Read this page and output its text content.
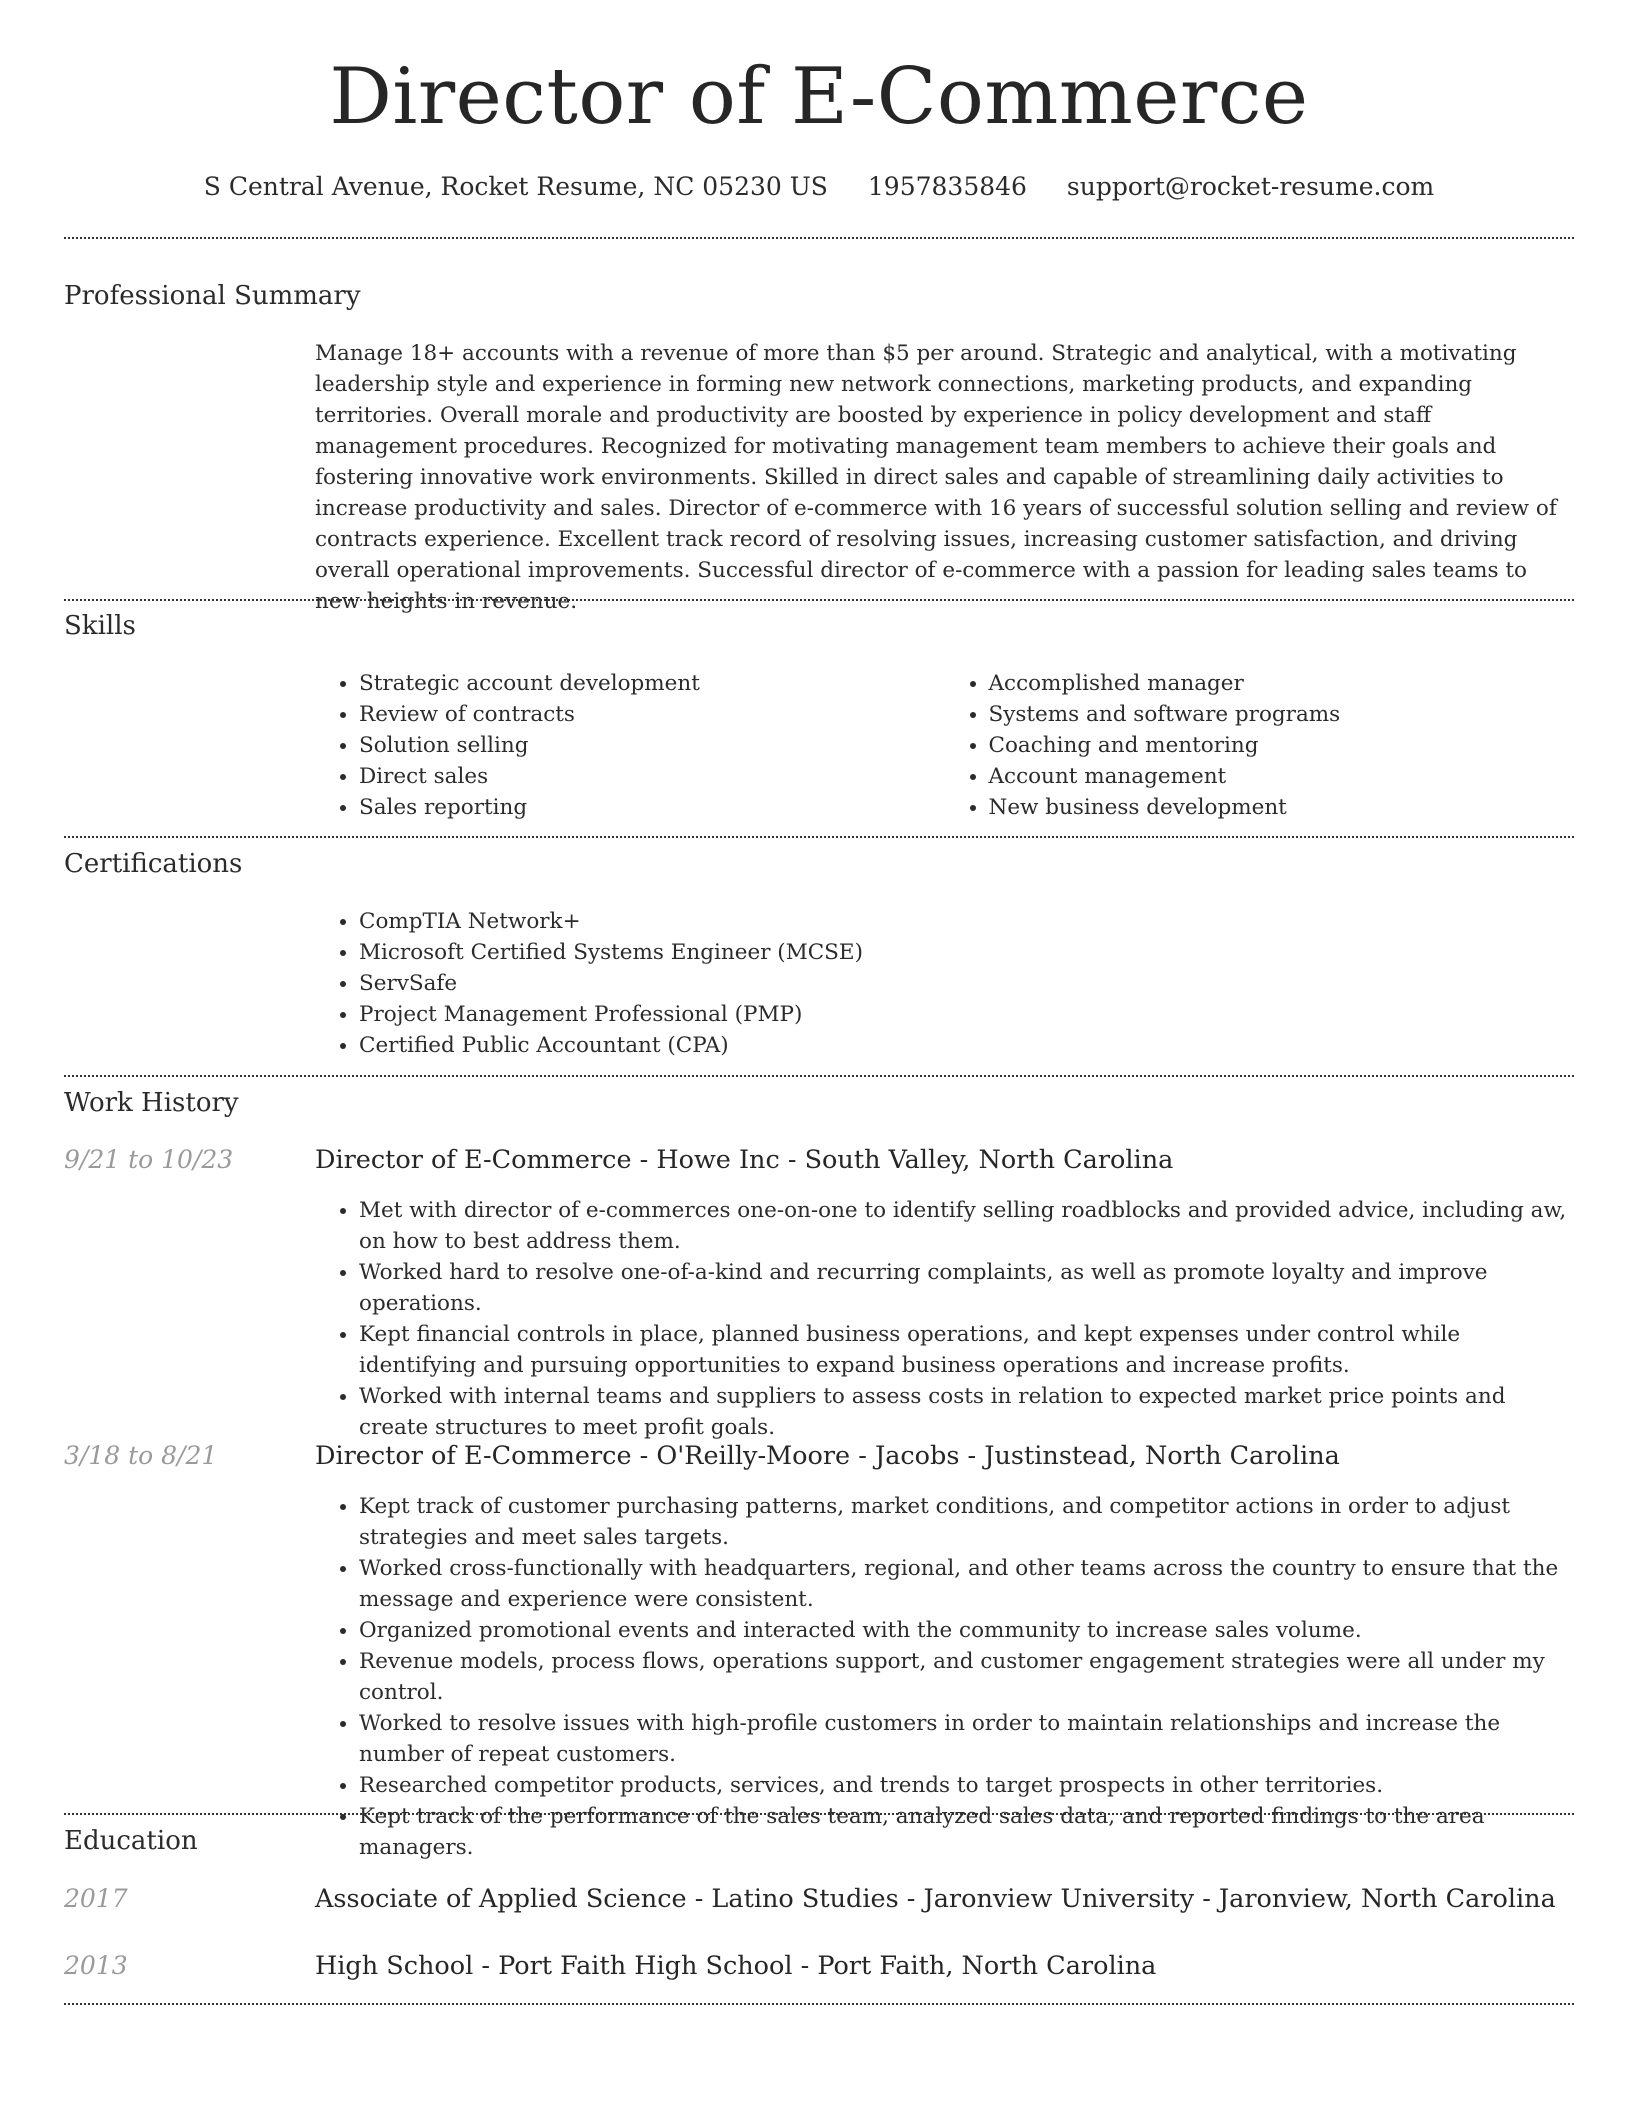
Director of E-Commerce
S Central Avenue, Rocket Resume, NC 05230 US 1957835846 support@rocket-resume.com
Professional Summary

Manage 18+ accounts with a revenue of more than $5 per around. Strategic and analytical, with a motivating leadership style and experience in forming new network connections, marketing products, and expanding territories. Overall morale and productivity are boosted by experience in policy development and staff management procedures. Recognized for motivating management team members to achieve their goals and fostering innovative work environments. Skilled in direct sales and capable of streamlining daily activities to increase productivity and sales. Director of e-commerce with 16 years of successful solution selling and review of contracts experience. Excellent track record of resolving issues, increasing customer satisfaction, and driving overall operational improvements. Successful director of e-commerce with a passion for leading sales teams to new heights in revenue.

Skills
• Strategic account development
• Review of contracts
• Solution selling
• Direct sales
• Sales reporting
• Accomplished manager
• Systems and software programs
• Coaching and mentoring
• Account management
• New business development
Certifications
• CompTIA Network+
• Microsoft Certified Systems Engineer (MCSE)
• ServSafe
• Project Management Professional (PMP)
• Certified Public Accountant (CPA)
Work History
9/21 to 10/23	Director of E-Commerce - Howe Inc - South Valley, North Carolina
• Met with director of e-commerces one-on-one to identify selling roadblocks and provided advice, including aw, on how to best address them.
• Worked hard to resolve one-of-a-kind and recurring complaints, as well as promote loyalty and improve operations.
• Kept financial controls in place, planned business operations, and kept expenses under control while identifying and pursuing opportunities to expand business operations and increase profits.
• Worked with internal teams and suppliers to assess costs in relation to expected market price points and create structures to meet profit goals.
3/18 to 8/21	Director of E-Commerce - O'Reilly-Moore - Jacobs - Justinstead, North Carolina
• Kept track of customer purchasing patterns, market conditions, and competitor actions in order to adjust strategies and meet sales targets.
• Worked cross-functionally with headquarters, regional, and other teams across the country to ensure that the message and experience were consistent.
• Organized promotional events and interacted with the community to increase sales volume.
• Revenue models, process flows, operations support, and customer engagement strategies were all under my control.
• Worked to resolve issues with high-profile customers in order to maintain relationships and increase the number of repeat customers.
• Researched competitor products, services, and trends to target prospects in other territories.
• Kept track of the performance of the sales team, analyzed sales data, and reported findings to the area managers.
Education
2017	Associate of Applied Science - Latino Studies - Jaronview University - Jaronview, North Carolina
2013	High School - Port Faith High School - Port Faith, North Carolina
